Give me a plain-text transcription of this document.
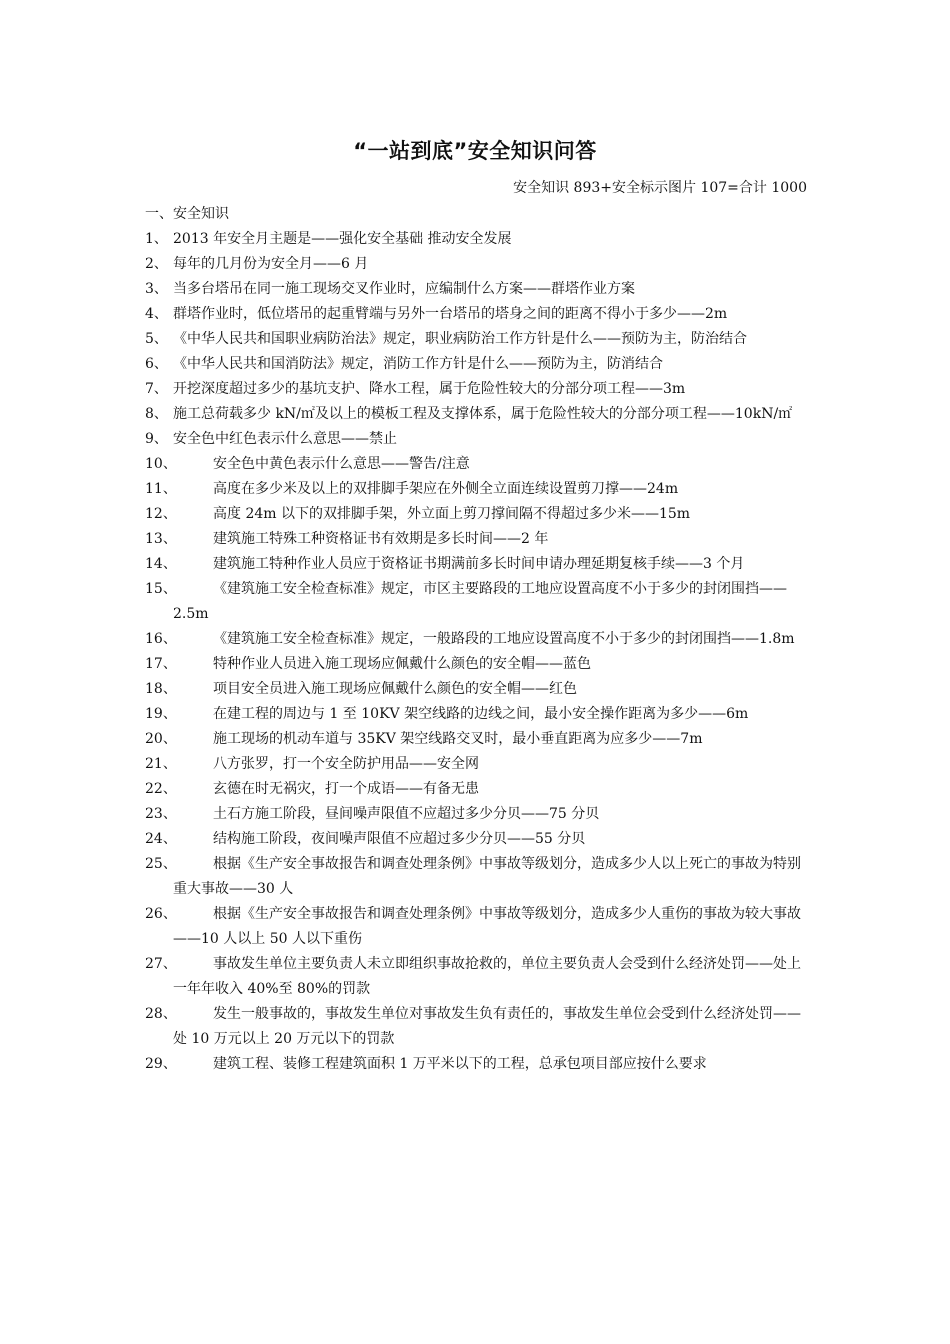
“一站到底”安全知识问答
安全知识 893+安全标示图片 107=合计 1000
一、安全知识
1、 2013 年安全月主题是——强化安全基础 推动安全发展
2、 每年的几月份为安全月——6 月
3、 当多台塔吊在同一施工现场交叉作业时，应编制什么方案——群塔作业方案
4、 群塔作业时，低位塔吊的起重臂端与另外一台塔吊的塔身之间的距离不得小于多少——2m
5、 《中华人民共和国职业病防治法》规定，职业病防治工作方针是什么——预防为主，防治结合
6、 《中华人民共和国消防法》规定，消防工作方针是什么——预防为主，防消结合
7、 开挖深度超过多少的基坑支护、降水工程，属于危险性较大的分部分项工程——3m
8、 施工总荷载多少 kN/㎡及以上的模板工程及支撑体系，属于危险性较大的分部分项工程——10kN/㎡
9、 安全色中红色表示什么意思——禁止
10、	安全色中黄色表示什么意思——警告/注意
11、	高度在多少米及以上的双排脚手架应在外侧全立面连续设置剪刀撑——24m
12、	高度 24m 以下的双排脚手架，外立面上剪刀撑间隔不得超过多少米——15m
13、	建筑施工特殊工种资格证书有效期是多长时间——2 年
14、	建筑施工特种作业人员应于资格证书期满前多长时间申请办理延期复核手续——3 个月
15、	《建筑施工安全检查标准》规定，市区主要路段的工地应设置高度不小于多少的封闭围挡——2.5m
16、	《建筑施工安全检查标准》规定，一般路段的工地应设置高度不小于多少的封闭围挡——1.8m
17、	特种作业人员进入施工现场应佩戴什么颜色的安全帽——蓝色
18、	项目安全员进入施工现场应佩戴什么颜色的安全帽——红色
19、	在建工程的周边与 1 至 10KV 架空线路的边线之间，最小安全操作距离为多少——6m
20、	施工现场的机动车道与 35KV 架空线路交叉时，最小垂直距离为应多少——7m
21、	八方张罗，打一个安全防护用品——安全网
22、	玄德在时无祸灾，打一个成语——有备无患
23、	土石方施工阶段，昼间噪声限值不应超过多少分贝——75 分贝
24、	结构施工阶段，夜间噪声限值不应超过多少分贝——55 分贝
25、	根据《生产安全事故报告和调查处理条例》中事故等级划分，造成多少人以上死亡的事故为特别重大事故——30 人
26、	根据《生产安全事故报告和调查处理条例》中事故等级划分，造成多少人重伤的事故为较大事故——10 人以上 50 人以下重伤
27、	事故发生单位主要负责人未立即组织事故抢救的，单位主要负责人会受到什么经济处罚——处上一年年收入 40%至 80%的罚款
28、	发生一般事故的，事故发生单位对事故发生负有责任的，事故发生单位会受到什么经济处罚——处 10 万元以上 20 万元以下的罚款
29、	建筑工程、装修工程建筑面积 1 万平米以下的工程，总承包项目部应按什么要求
